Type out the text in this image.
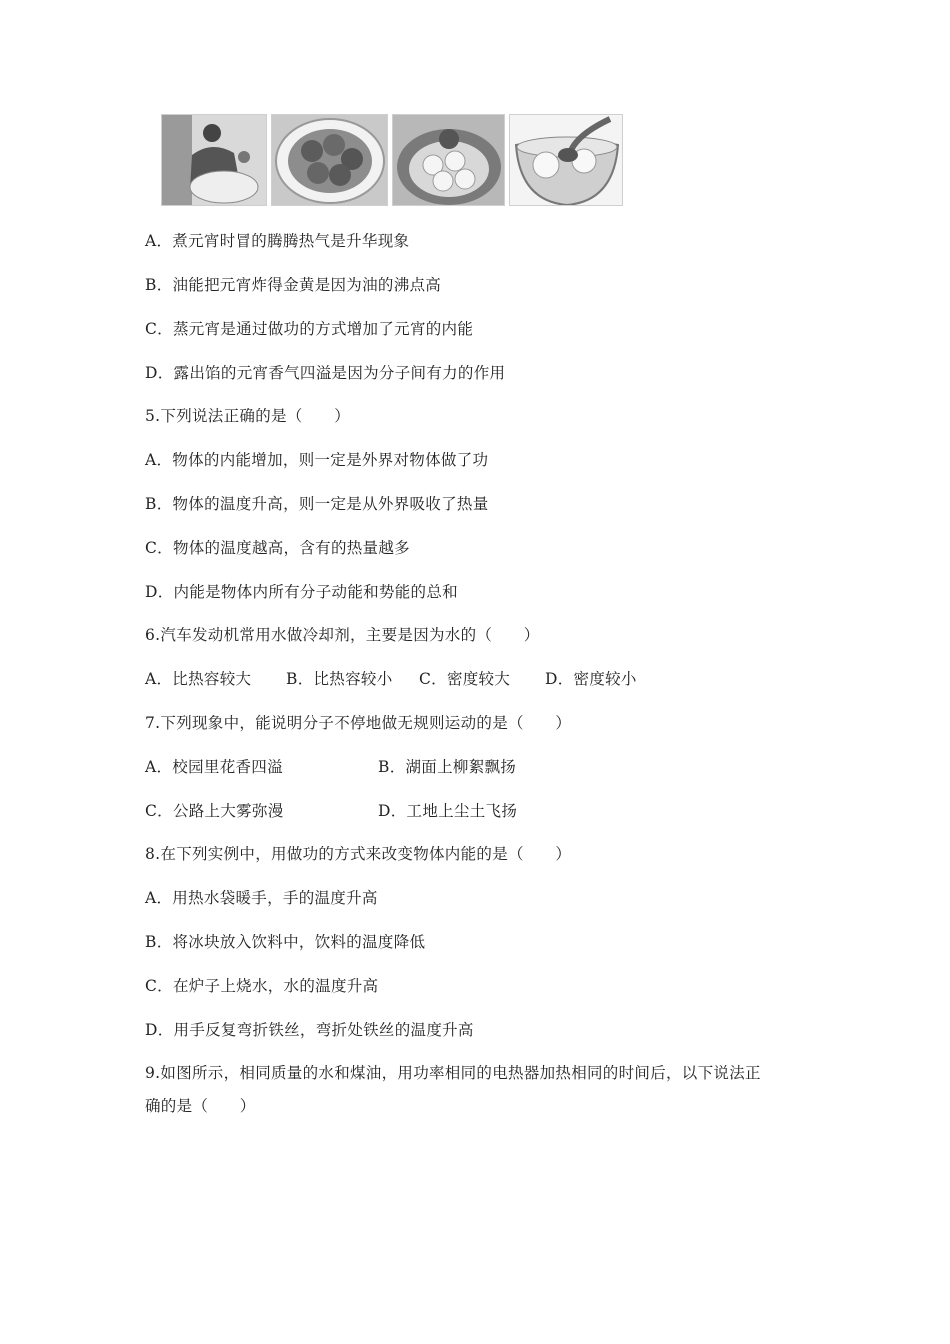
A．煮元宵时冒的腾腾热气是升华现象
B．油能把元宵炸得金黄是因为油的沸点高
C．蒸元宵是通过做功的方式增加了元宵的内能
D．露出馅的元宵香气四溢是因为分子间有力的作用
5.下列说法正确的是（　　）
A．物体的内能增加，则一定是外界对物体做了功
B．物体的温度升高，则一定是从外界吸收了热量
C．物体的温度越高，含有的热量越多
D．内能是物体内所有分子动能和势能的总和
6.汽车发动机常用水做冷却剂，主要是因为水的（　　）
A．比热容较大 B．比热容较小 C．密度较大 D．密度较小
7.下列现象中，能说明分子不停地做无规则运动的是（　　）
A．校园里花香四溢	B．湖面上柳絮飘扬
C．公路上大雾弥漫	D．工地上尘土飞扬
8.在下列实例中，用做功的方式来改变物体内能的是（　　）
A．用热水袋暖手，手的温度升高
B．将冰块放入饮料中，饮料的温度降低
C．在炉子上烧水，水的温度升高
D．用手反复弯折铁丝，弯折处铁丝的温度升高
9.如图所示，相同质量的水和煤油，用功率相同的电热器加热相同的时间后，以下说法正
确的是（　　）
